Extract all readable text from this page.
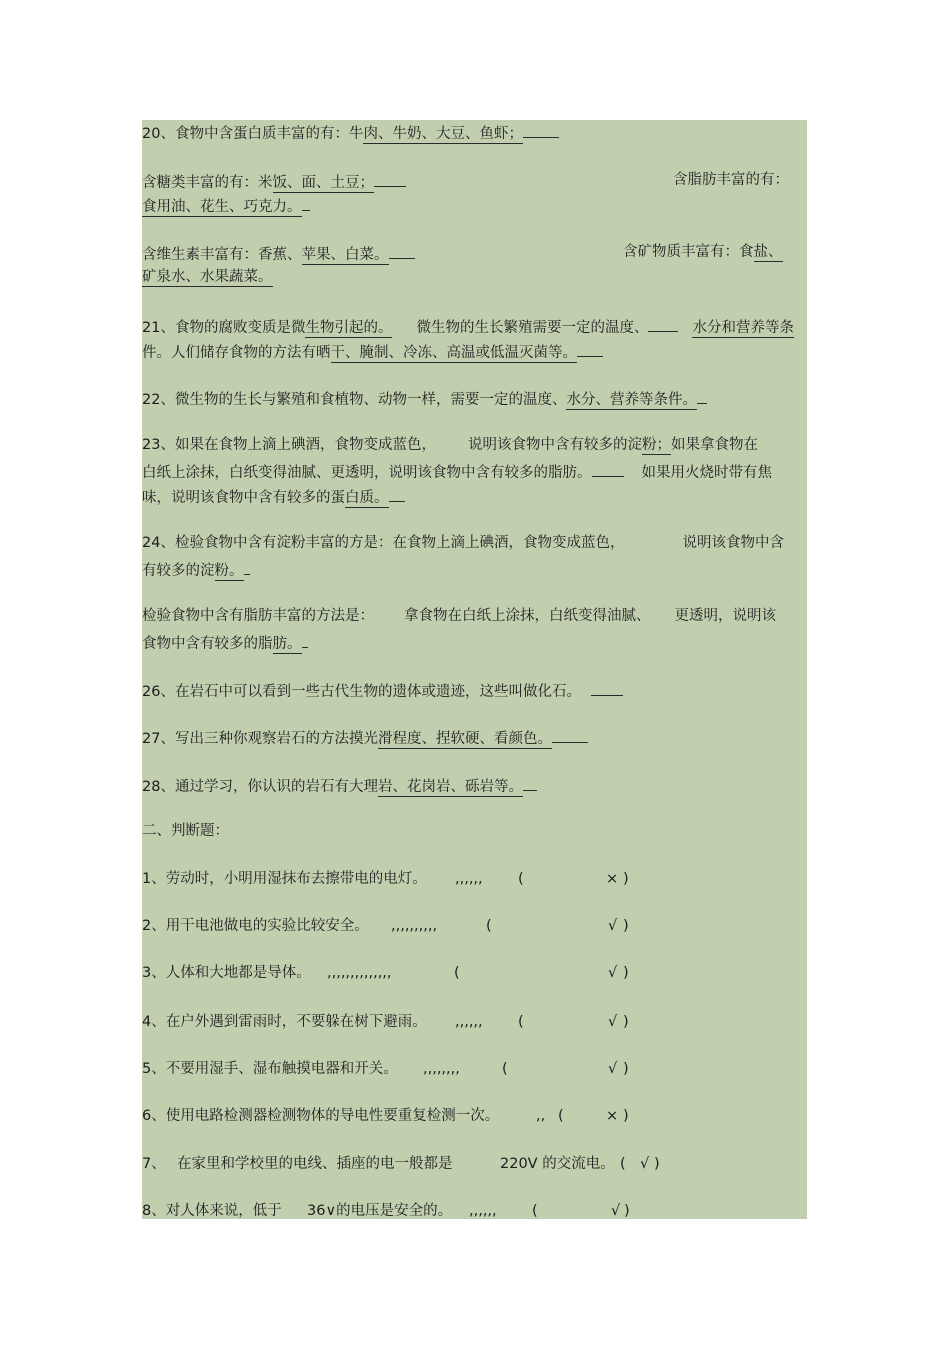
20、食物中含蛋白质丰富的有：牛肉、牛奶、大豆、鱼虾；
含糖类丰富的有：米饭、面、土豆；	含脂肪丰富的有：
食用油、花生、巧克力。
含维生素丰富有：香蕉、苹果、白菜。	含矿物质丰富有：食盐、
矿泉水、水果蔬菜。
21、食物的腐败变质是微生物引起的。 微生物的生长繁殖需要一定的温度、	水分和营养等条
件。人们储存食物的方法有晒干、腌制、冷冻、高温或低温灭菌等。
22、微生物的生长与繁殖和食植物、动物一样，需要一定的温度、水分、营养等条件。
23、如果在食物上滴上碘酒，食物变成蓝色， 说明该食物中含有较多的淀粉；如果拿食物在
白纸上涂抹，白纸变得油腻、更透明，说明该食物中含有较多的脂肪。	如果用火烧时带有焦
味，说明该食物中含有较多的蛋白质。
24、检验食物中含有淀粉丰富的方是：在食物上滴上碘酒，食物变成蓝色，	说明该食物中含
有较多的淀粉。
检验食物中含有脂肪丰富的方法是： 拿食物在白纸上涂抹，白纸变得油腻、 更透明，说明该
食物中含有较多的脂肪。
26、在岩石中可以看到一些古代生物的遗体或遗迹，这些叫做化石。
27、写出三种你观察岩石的方法摸光滑程度、捏软硬、看颜色。
28、通过学习，你认识的岩石有大理岩、花岗岩、砾岩等。
二、判断题：
1、劳动时，小明用湿抹布去擦带电的电灯。 ,,,,,, (	× )
2、用干电池做电的实验比较安全。 ,,,,,,,,,,	(	√ )
3、人体和大地都是导体。 ,,,,,,,,,,,,,,	(	√ )
4、在户外遇到雷雨时，不要躲在树下避雨。 ,,,,,, (	√ )
5、不要用湿手、湿布触摸电器和开关。 ,,,,,,,,	(	√ )
6、使用电路检测器检测物体的导电性要重复检测一次。	,, (	× )
7、 在家里和学校里的电线、插座的电一般都是	220V 的交流电。 ( √ )
8、对人体来说，低于 36∨的电压是安全的。 ,,,,,, (	√ )
